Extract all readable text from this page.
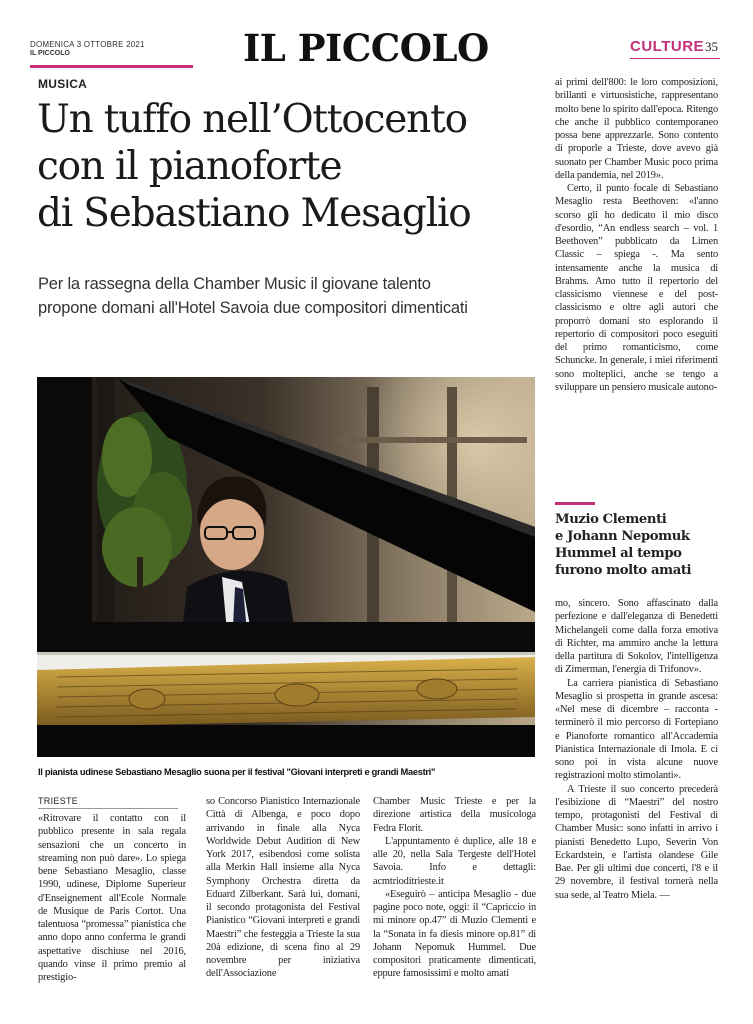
DOMENICA 3 OTTOBRE 2021
IL PICCOLO	IL PICCOLO	CULTURE 35
MUSICA
Un tuffo nell’Ottocento
con il pianoforte
di Sebastiano Mesaglio
Per la rassegna della Chamber Music il giovane talento
propone domani all'Hotel Savoia due compositori dimenticati
Il pianista udinese Sebastiano Mesaglio suona per il festival "Giovani interpreti e grandi Maestri"
TRIESTE

«Ritrovare il contatto con il pubblico presente in sala regala sensazioni che un concerto in streaming non può dare». Lo spiega bene Sebastiano Mesaglio, classe 1990, udinese, Diplome Superieur d'Enseignement all'Ecole Normale de Musique de Paris Cortot. Una talentuosa “promessa” pianistica che anno dopo anno conferma le grandi aspettative dischiuse nel 2016, quando vinse il primo premio al prestigio-

so Concorso Pianistico Internazionale Città di Albenga, e poco dopo arrivando in finale alla Nyca Worldwide Debut Audition di New York 2017, esibendosi come solista alla Merkin Hall insieme alla Nyca Symphony Orchestra diretta da Eduard Zilberkant. Sarà lui, domani, il secondo protagonista del Festival Pianistico “Giovani interpreti e grandi Maestri” che festeggia a Trieste la sua 20à edizione, di scena fino al 29 novembre per iniziativa dell'Associazione

Chamber Music Trieste e per la direzione artistica della musicologa Fedra Florit.

L'appuntamento è duplice, alle 18 e alle 20, nella Sala Tergeste dell'Hotel Savoia. Info e dettagli: acmtriodítrieste.it

«Eseguirò – anticipa Mesaglio - due pagine poco note, oggi: il “Capriccio in mi minore op.47” di Muzio Clementi e la “Sonata in fa diesis minore op.81” di Johann Nepomuk Hummel. Due compositori praticamente dimenticati, eppure famosissimi e molto amati

ai primi dell'800: le loro composizioni, brillanti e virtuosistiche, rappresentano molto bene lo spirito dall'epoca. Ritengo che anche il pubblico contemporaneo possa bene apprezzarle. Sono contento di proporle a Trieste, dove avevo già suonato per Chamber Music poco prima della pandemia, nel 2019».

Certo, il punto focale di Sebastiano Mesaglio resta Beethoven: «l'anno scorso gli ho dedicato il mio disco d'esordio, “An endless search – vol. 1 Beethoven” pubblicato da Limen Classic – spiega -. Ma sento intensamente anche la musica di Brahms. Amo tutto il repertorio del classicismo viennese e del post-classicismo e oltre agli autori che proporrò domani sto esplorando il repertorio di compositori poco eseguiti del primo romanticismo, come Schuncke. In generale, i miei riferimenti sono molteplici, anche se tengo a sviluppare un pensiero musicale autono-

Muzio Clementi
e Johann Nepomuk
Hummel al tempo
furono molto amati

mo, sincero. Sono affascinato dalla perfezione e dall'eleganza di Benedetti Michelangeli come dalla forza emotiva di Richter, ma ammiro anche la lettura della partitura di Sokolov, l'intelligenza di Zimerman, l'energia di Trifonov».

La carriera pianistica di Sebastiano Mesaglio si prospetta in grande ascesa: «Nel mese di dicembre – racconta - terminerò il mio percorso di Fortepiano e Pianoforte romantico all'Accademia Pianistica Internazionale di Imola. E ci sono poi in vista alcune nuove registrazioni molto stimolanti».

A Trieste il suo concerto precederà l'esibizione di “Maestri” del nostro tempo, protagonisti del Festival di Chamber Music: sono infatti in arrivo i pianisti Benedetto Lupo, Severin Von Eckardstein, e l'artista olandese Gile Bae. Per gli ultimi due concerti, l'8 e il 29 novembre, il festival tornerà nella sua sede, al Teatro Miela. —
